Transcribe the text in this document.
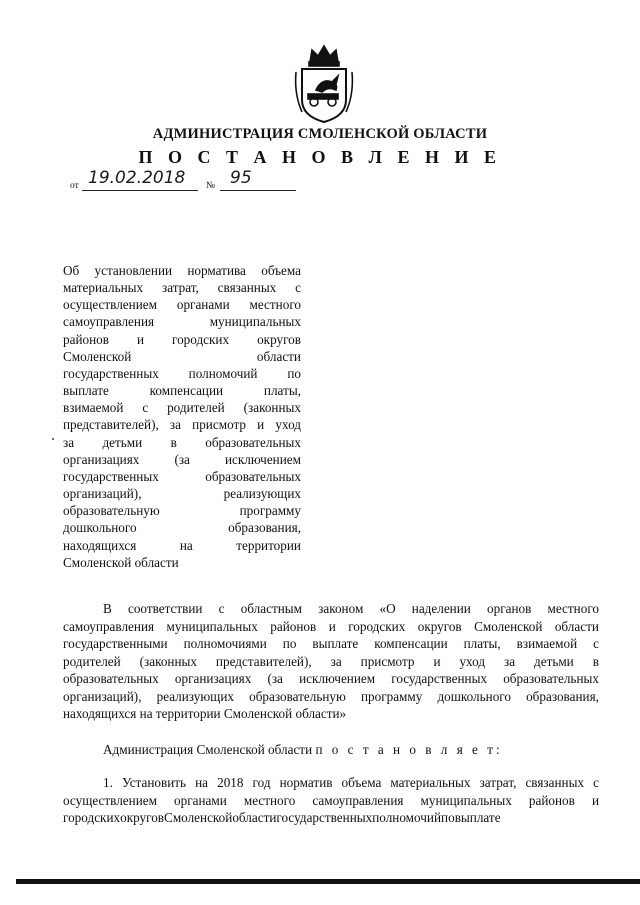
АДМИНИСТРАЦИЯ СМОЛЕНСКОЙ ОБЛАСТИ
П О С Т А Н О В Л Е Н И Е
от 19.02.2018 № 95
Об установлении норматива объема
материальных затрат, связанных с
осуществлением органами местного
самоуправления	муниципальных
районов и городских округов
Смоленской	области
государственных полномочий по
выплате	компенсации	платы,
взимаемой с родителей (законных
представителей), за присмотр и уход
за детьми в образовательных
организациях	(за	исключением
государственных	образовательных
организаций),	реализующих
образовательную	программу
дошкольного	образования,
находящихся	на	территории
Смоленской области
В соответствии с областным законом «О наделении органов местного
самоуправления муниципальных районов и городских округов Смоленской области
государственными полномочиями по выплате компенсации платы, взимаемой с
родителей (законных представителей), за присмотр и уход за детьми в
образовательных организациях (за исключением государственных образовательных
организаций), реализующих образовательную программу дошкольного образования,
находящихся на территории Смоленской области»
Администрация Смоленской области п о с т а н о в л я е т:
1. Установить на 2018 год норматив объема материальных затрат, связанных с
осуществлением органами местного самоуправления муниципальных районов и
городских округов Смоленской области государственных полномочий по выплате
